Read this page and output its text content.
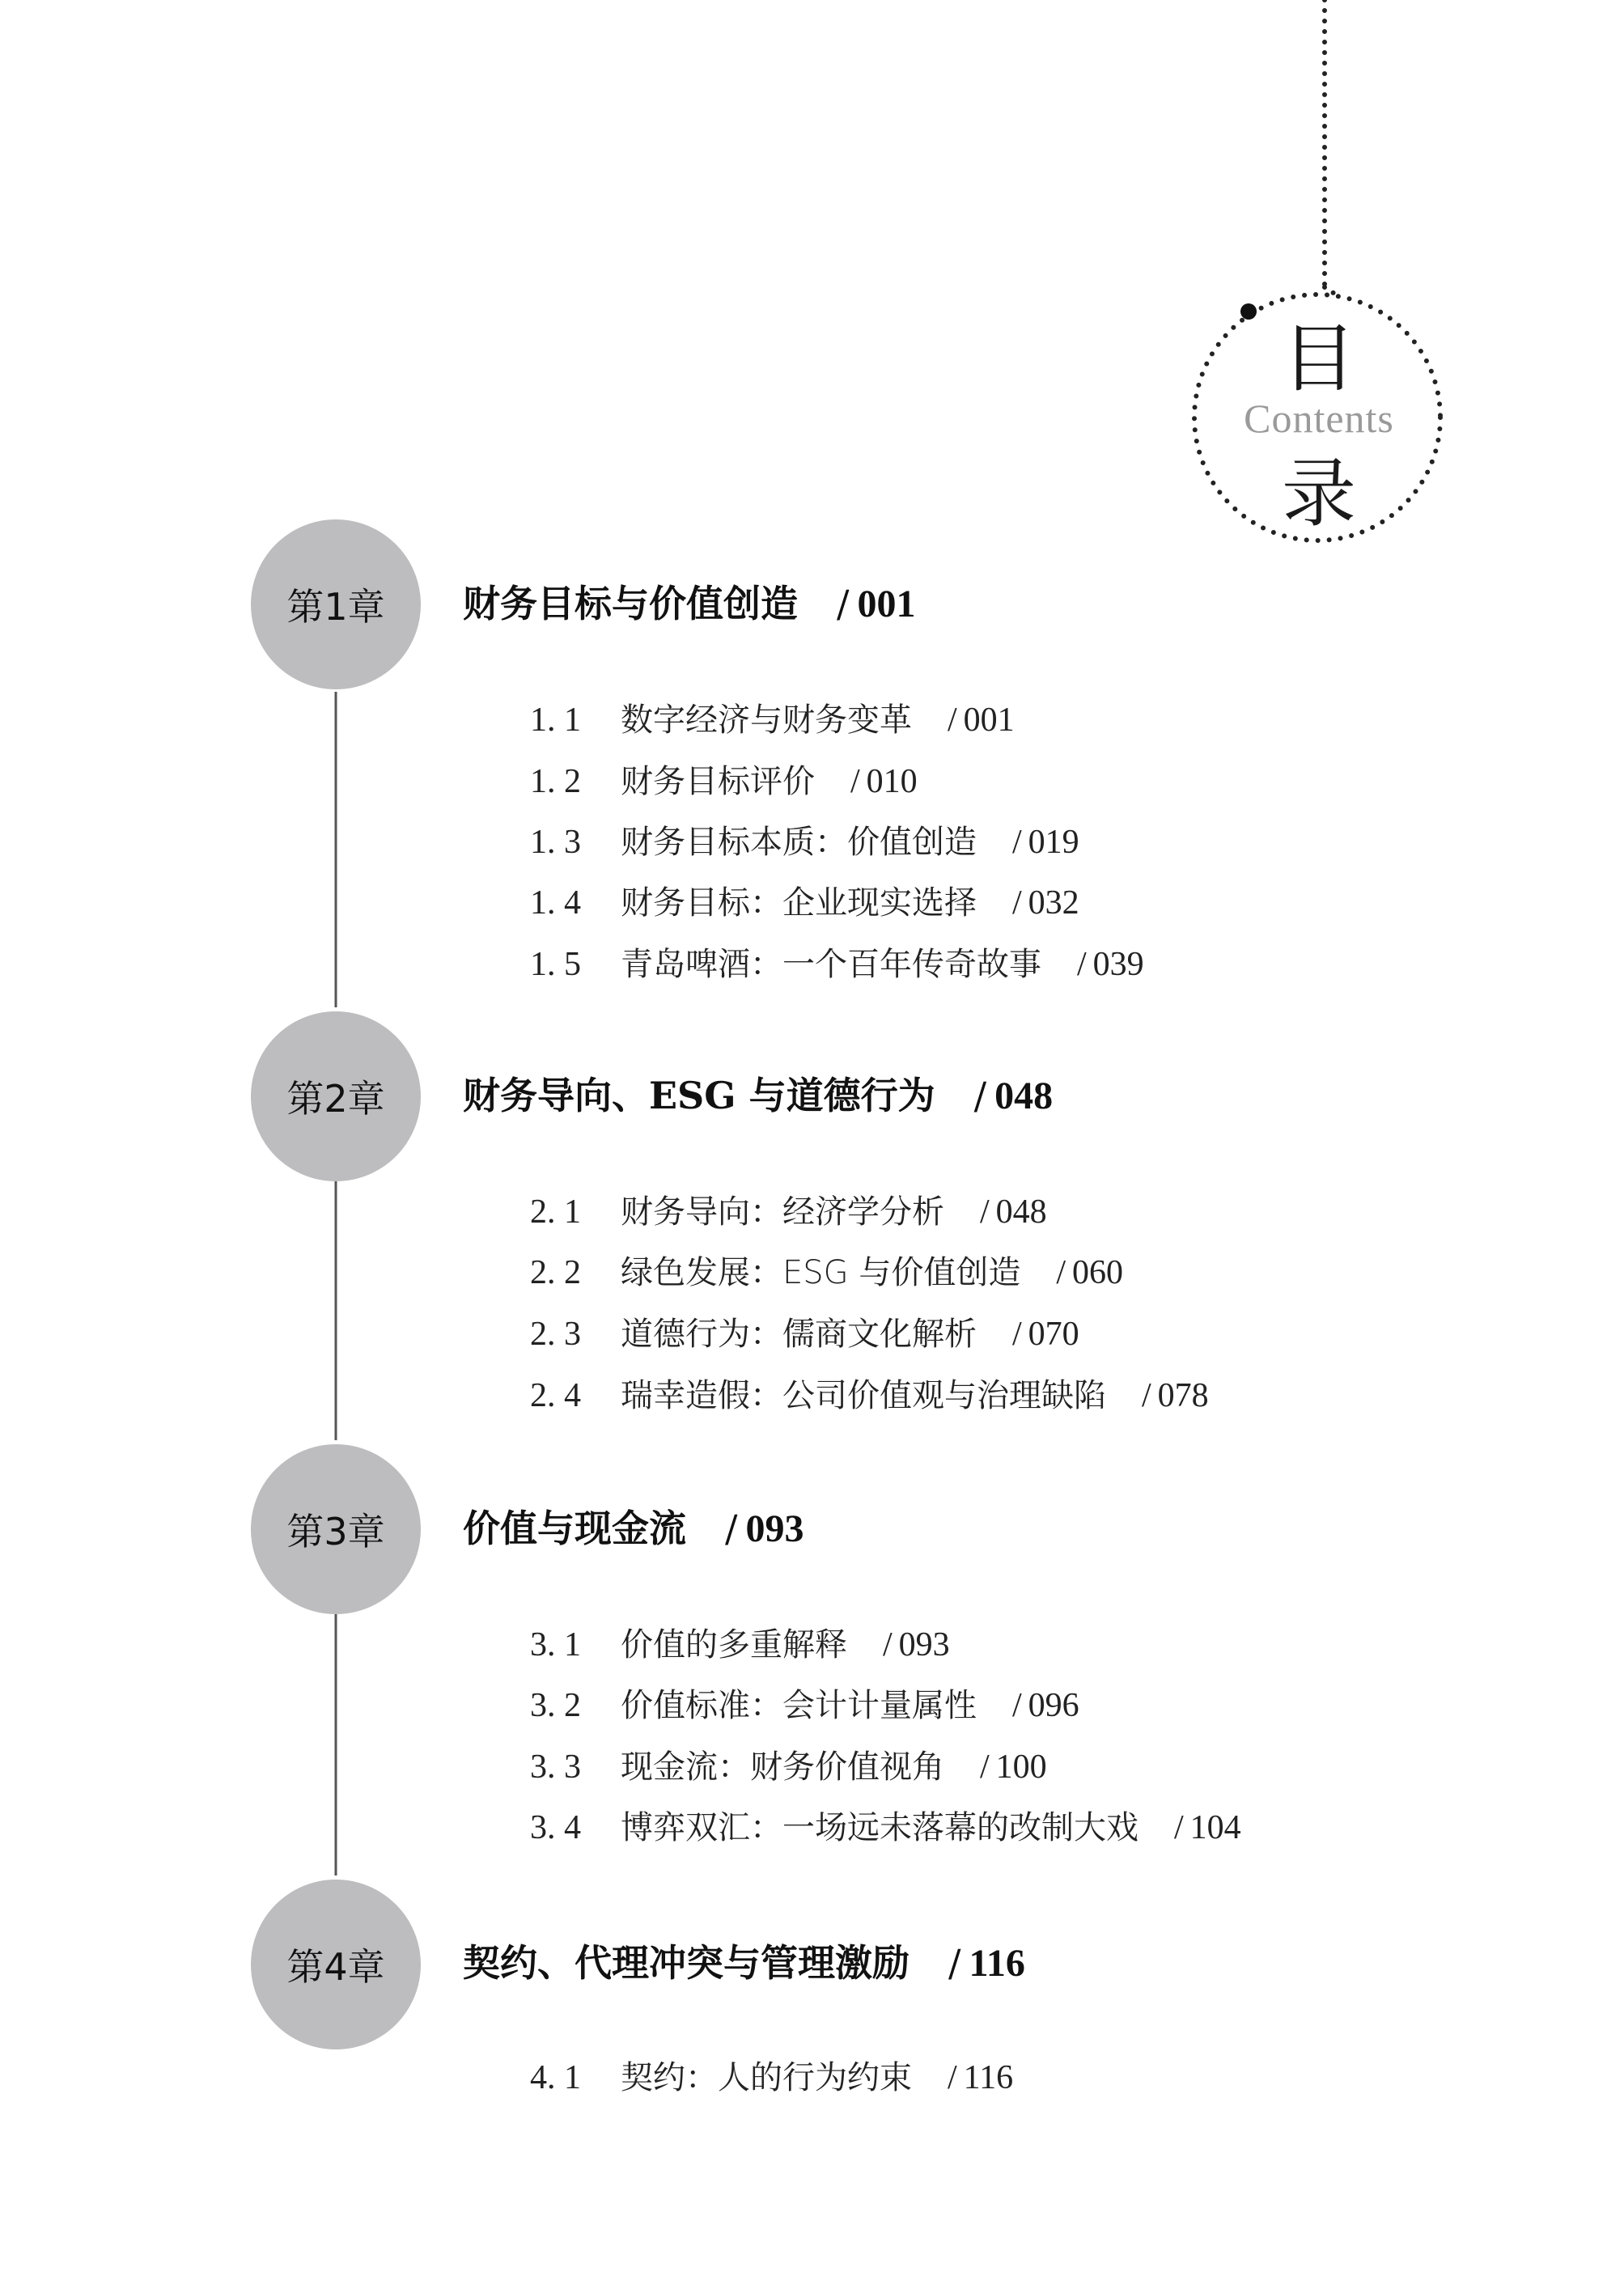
目
Contents
录
第1章	财务目标与价值创造 / 001
1. 1 数字经济与财务变革 / 001
1. 2 财务目标评价 / 010
1. 3 财务目标本质：价值创造 / 019
1. 4 财务目标：企业现实选择 / 032
1. 5 青岛啤酒：一个百年传奇故事 / 039
第2章	财务导向、ESG 与道德行为 / 048
2. 1 财务导向：经济学分析 / 048
2. 2 绿色发展：ESG 与价值创造 / 060
2. 3 道德行为：儒商文化解析 / 070
2. 4 瑞幸造假：公司价值观与治理缺陷 / 078
第3章	价值与现金流 / 093
3. 1 价值的多重解释 / 093
3. 2 价值标准：会计计量属性 / 096
3. 3 现金流：财务价值视角 / 100
3. 4 博弈双汇：一场远未落幕的改制大戏 / 104
第4章	契约、代理冲突与管理激励 / 116
4. 1 契约：人的行为约束 / 116
